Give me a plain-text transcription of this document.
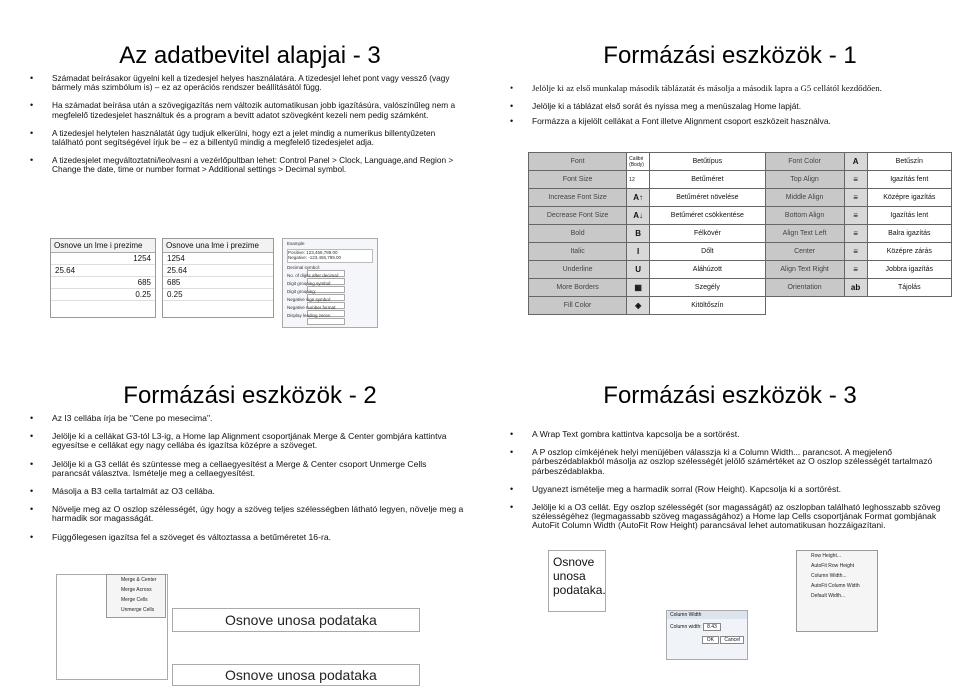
Az adatbevitel alapjai - 3
• Számadat beírásakor ügyelni kell a tizedesjel helyes használatára. A tizedesjel lehet pont vagy vessző (vagy bármely más szimbólum is) – ez az operációs rendszer beállításától függ.
• Ha számadat beírása után a szövegigazítás nem változik automatikusan jobb igazításúra, valószínűleg nem a megfelelő tizedesjelet használtuk és a program a bevitt adatot szövegként kezeli nem pedig számként.
• A tizedesjel helytelen használatát úgy tudjuk elkerülni, hogy ezt a jelet mindig a numerikus billentyűzeten található pont segítségével írjuk be – ez a billentyű mindig a megfelelő tizedesjelet adja.
• A tizedesjelet megváltoztatni/leolvasni a vezérlőpultban lehet: Control Panel > Clock, Language,and Region > Change the date, time or number format > Additional settings > Decimal symbol.
Osnove un lme i prezime
1254
25.64
685
0.25
Osnove una lme i prezime
1254
25.64
685
0.25
Example
Positive: 123,456,789.00
Negative: -123,456,789.00
Decimal symbol:
No. of digits after decimal:
Digit grouping symbol:
Digit grouping:
Negative sign symbol:
Negative number format:
Display leading zeros:
Formázási eszközök - 1
• Jelölje ki az első munkalap második táblázatát és másolja a második lapra a G5 cellától kezdődően.
• Jelölje ki a táblázat első sorát és nyissa meg a menüszalag Home lapját.
• Formázza a kijelölt cellákat a Font illetve Alignment csoport eszközeit használva.
Font	Calibri (Body)	Betűtípus	Font Color	A	Betűszín
Font Size	12	Betűméret	Top Align	≡	Igazítás fent
Increase Font Size	A↑	Betűméret növelése	Middle Align	≡	Középre igazítás
Decrease Font Size	A↓	Betűméret csökkentése	Bottom Align	≡	Igazítás lent
Bold	B	Félkövér	Align Text Left	≡	Balra igazítás
Italic	I	Dőlt	Center	≡	Középre zárás
Underline	U	Aláhúzott	Align Text Right	≡	Jobbra igazítás
More Borders	▦	Szegély	Orientation	ab	Tájolás
Fill Color	◈	Kitöltőszín			
Formázási eszközök - 2
• Az I3 cellába írja be "Cene po mesecima".
• Jelölje ki a cellákat G3-tól L3-ig, a Home lap Alignment csoportjának Merge & Center gombjára kattintva egyesítse e cellákat egy nagy cellába és igazítsa középre a szöveget.
• Jelölje ki a G3 cellát és szüntesse meg a cellaegyesítést a Merge & Center csoport Unmerge Cells parancsát választva. Ismételje meg a cellaegyesítést.
• Másolja a B3 cella tartalmát az O3 cellába.
• Növelje meg az O oszlop szélességét, úgy hogy a szöveg teljes szélességben látható legyen, növelje meg a harmadik sor magasságát.
• Függőlegesen igazítsa fel a szöveget és változtassa a betűméretet 16-ra.
Merge & Center
Merge Across
Merge Cells
Unmerge Cells
Osnove unosa podataka
Osnove unosa podataka
Formázási eszközök - 3
• A Wrap Text gombra kattintva kapcsolja be a sortörést.
• A P oszlop címkéjének helyi menüjében válasszja ki a Column Width... parancsot. A megjelenő párbeszédablakból másolja az oszlop szélességét jelölő számértéket az O oszlop szélességét tartalmazó párbeszédablakba.
• Ugyanezt ismételje meg a harmadik sorral (Row Height). Kapcsolja ki a sortörést.
• Jelölje ki a O3 cellát. Egy oszlop szélességét (sor magasságát) az oszlopban található leghosszabb szöveg szélességéhez (legmagassabb szöveg magasságához) a Home lap Cells csoportjának Format gombjának AutoFit Column Width (AutoFit Row Height) parancsával lehet automatikusan hozzáigazítani.
Osnove unosa podataka.
Column Width
Column width: 8.43
OK Cancel
Row Height...
AutoFit Row Height
Column Width...
AutoFit Column Width
Default Width...
